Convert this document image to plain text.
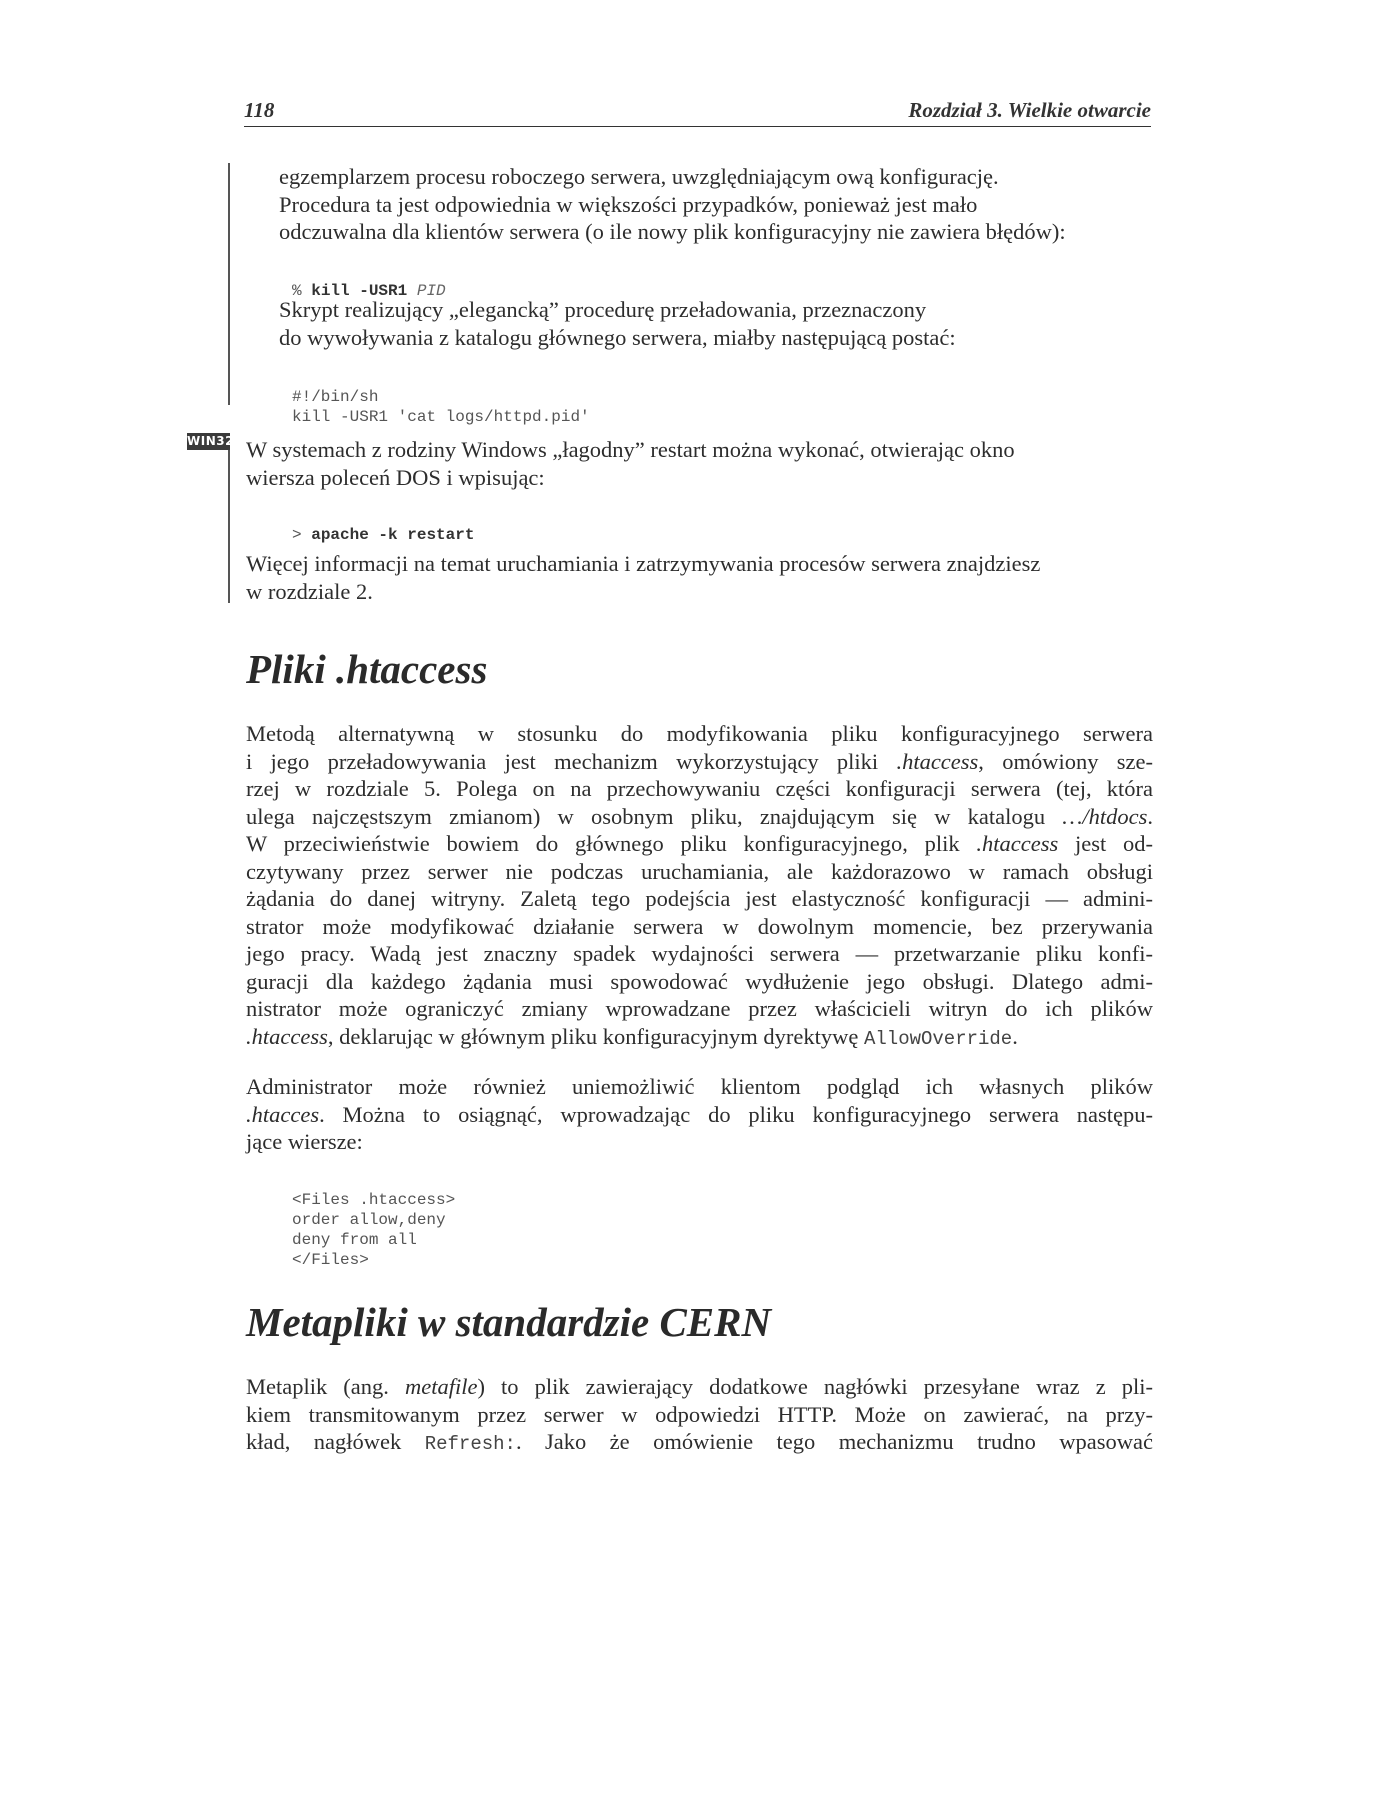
118	Rozdział 3. Wielkie otwarcie

egzemplarzem procesu roboczego serwera, uwzględniającym ową konfigurację.
Procedura ta jest odpowiednia w większości przypadków, ponieważ jest mało
odczuwalna dla klientów serwera (o ile nowy plik konfiguracyjny nie zawiera błędów):

% kill -USR1 PID

Skrypt realizujący „elegancką” procedurę przeładowania, przeznaczony
do wywoływania z katalogu głównego serwera, miałby następującą postać:

#!/bin/sh
kill -USR1 'cat logs/httpd.pid'
WIN32 W systemach z rodziny Windows „łagodny” restart można wykonać, otwierając okno
wiersza poleceń DOS i wpisując:

> apache -k restart

Więcej informacji na temat uruchamiania i zatrzymywania procesów serwera znajdziesz
w rozdziale 2.

Pliki .htaccess

Metodą alternatywną w stosunku do modyfikowania pliku konfiguracyjnego serwera
i jego przeładowywania jest mechanizm wykorzystujący pliki .htaccess, omówiony sze-
rzej w rozdziale 5. Polega on na przechowywaniu części konfiguracji serwera (tej, która
ulega najczęstszym zmianom) w osobnym pliku, znajdującym się w katalogu …/htdocs.
W przeciwieństwie bowiem do głównego pliku konfiguracyjnego, plik .htaccess jest od-
czytywany przez serwer nie podczas uruchamiania, ale każdorazowo w ramach obsługi
żądania do danej witryny. Zaletą tego podejścia jest elastyczność konfiguracji — admini-
strator może modyfikować działanie serwera w dowolnym momencie, bez przerywania
jego pracy. Wadą jest znaczny spadek wydajności serwera — przetwarzanie pliku konfi-
guracji dla każdego żądania musi spowodować wydłużenie jego obsługi. Dlatego admi-
nistrator może ograniczyć zmiany wprowadzane przez właścicieli witryn do ich plików
.htaccess, deklarując w głównym pliku konfiguracyjnym dyrektywę AllowOverride.

Administrator może również uniemożliwić klientom podgląd ich własnych plików
.htacces. Można to osiągnąć, wprowadzając do pliku konfiguracyjnego serwera następu-
jące wiersze:

<Files .htaccess>
order allow,deny
deny from all
</Files>
Metapliki w standardzie CERN

Metaplik (ang. metafile) to plik zawierający dodatkowe nagłówki przesyłane wraz z pli-
kiem transmitowanym przez serwer w odpowiedzi HTTP. Może on zawierać, na przy-
kład, nagłówek Refresh:. Jako że omówienie tego mechanizmu trudno wpasować
